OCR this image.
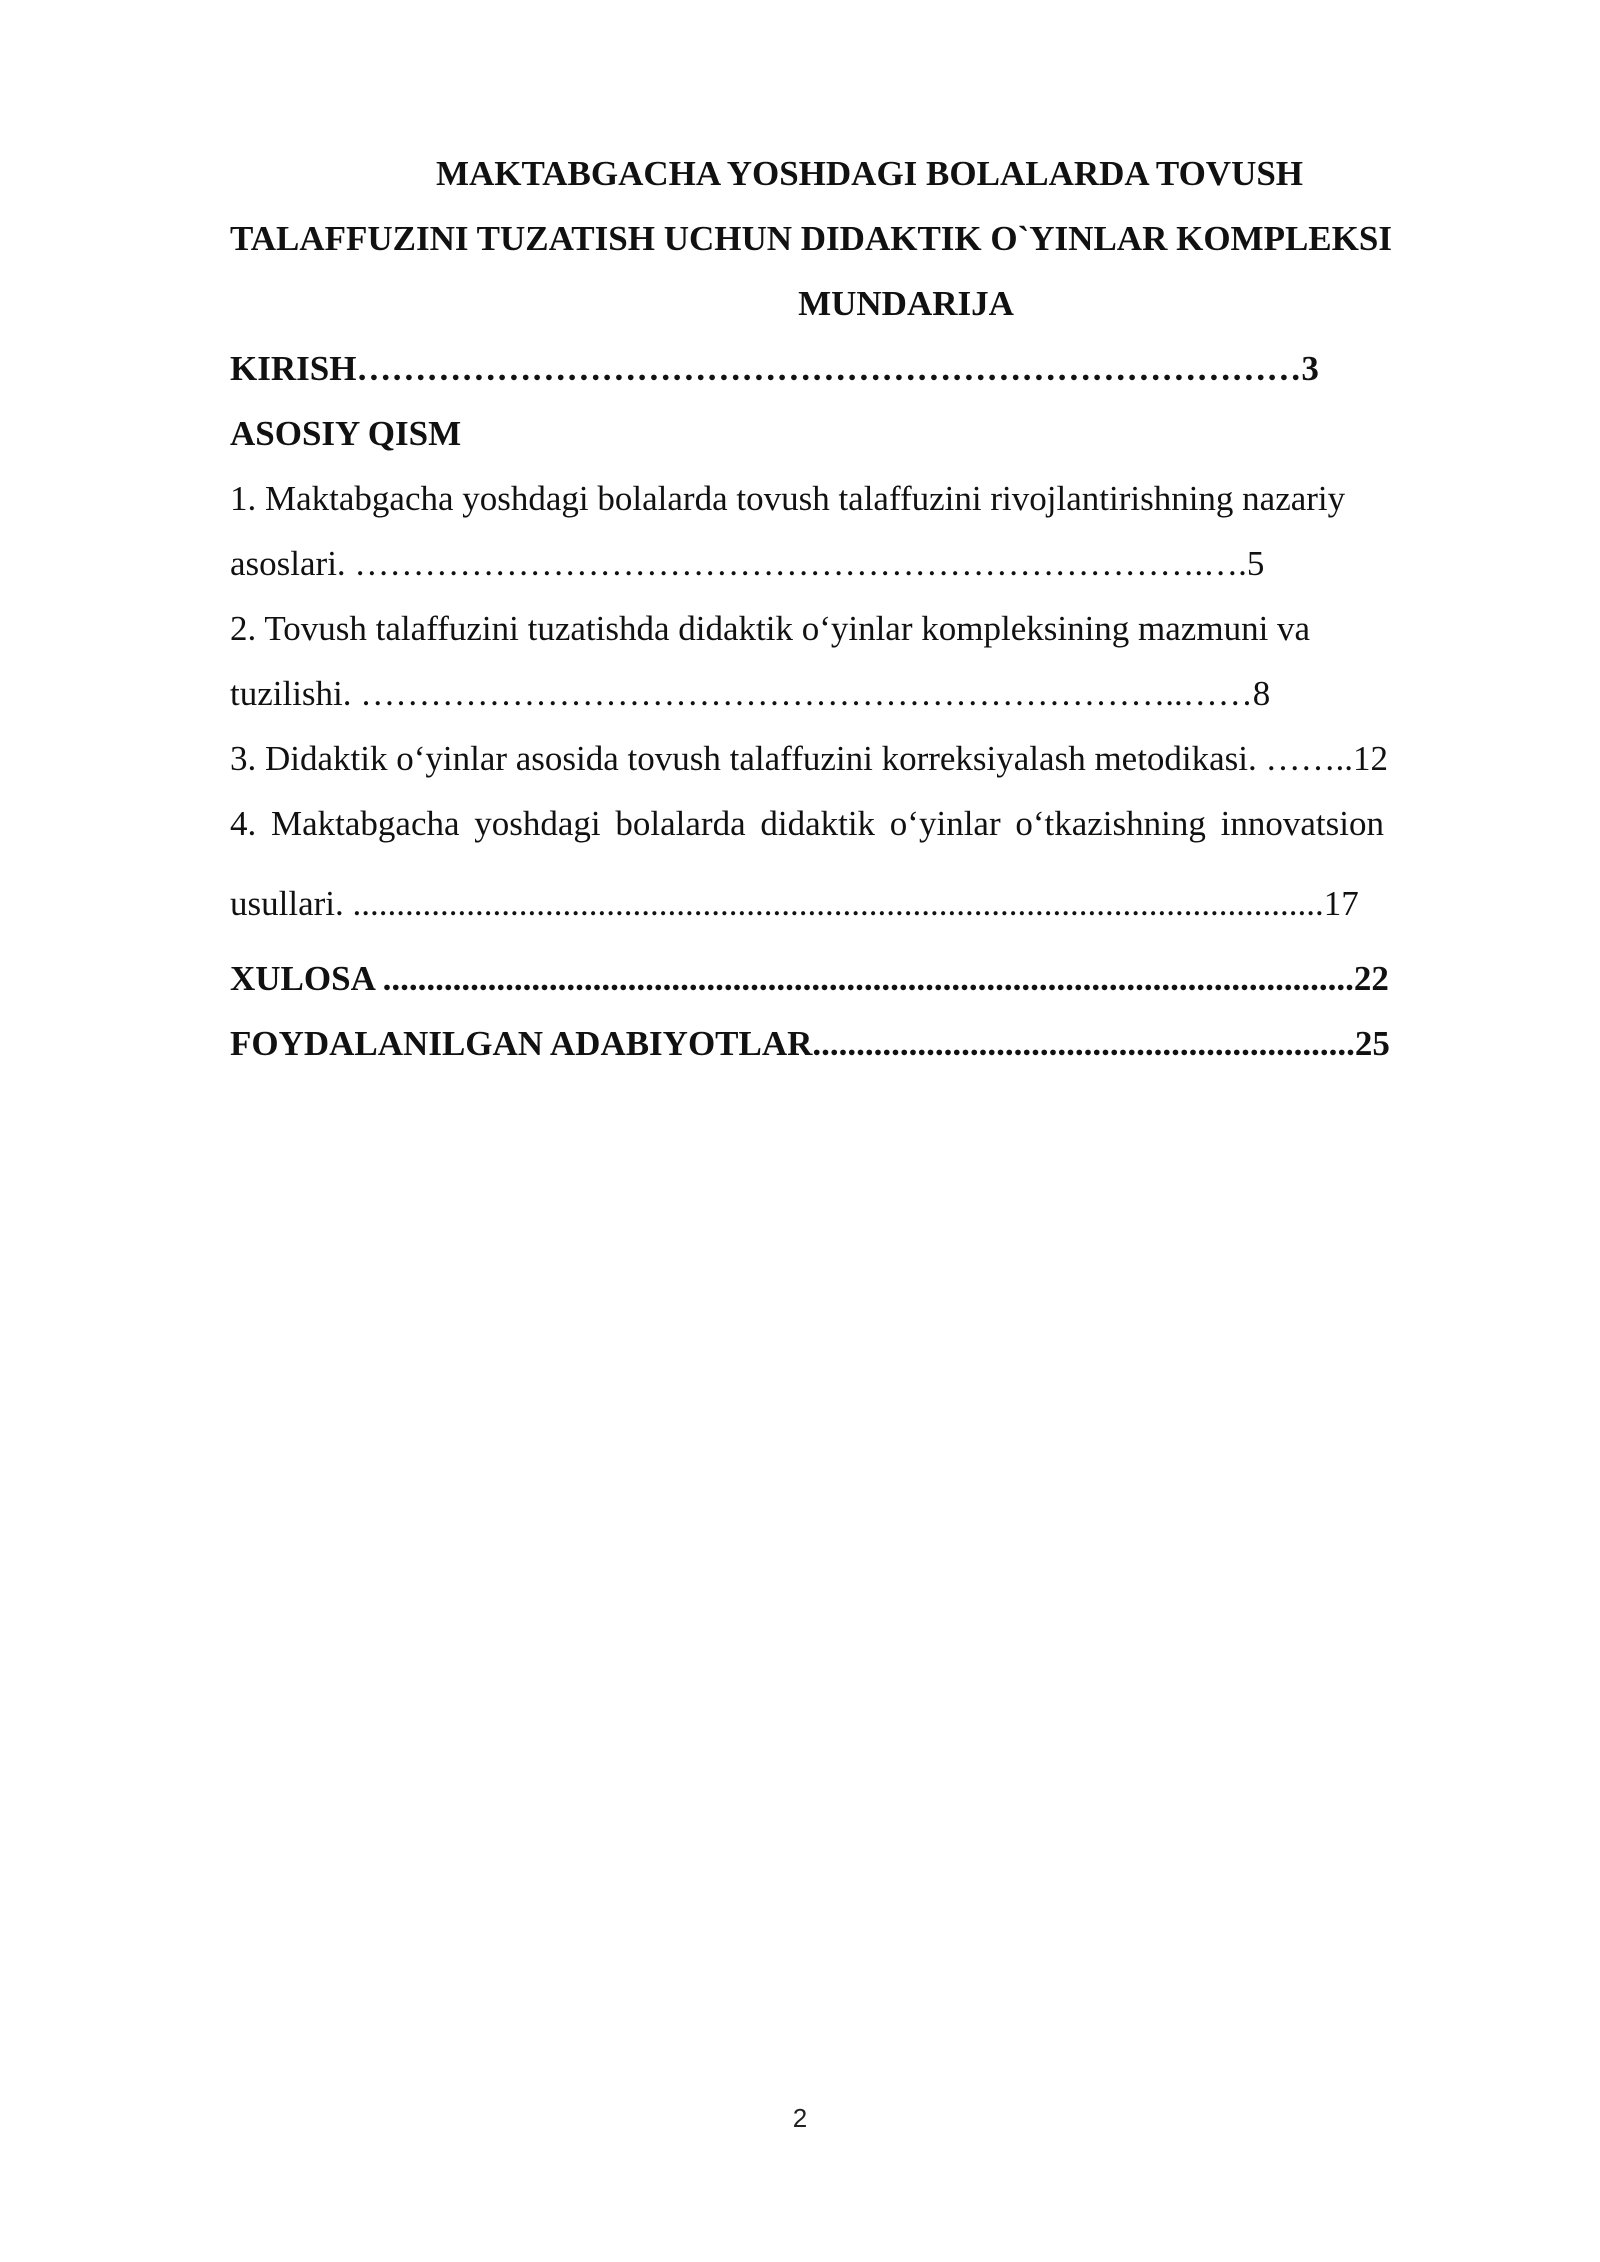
MAKTABGACHA YOSHDAGI BOLALARDA TOVUSH
TALAFFUZINI TUZATISH UCHUN DIDAKTIK O`YINLAR KOMPLEKSI
MUNDARIJA
KIRISH………………………………………………………………………3
ASOSIY QISM
1. Maktabgacha yoshdagi bolalarda tovush talaffuzini rivojlantirishning nazariy
asoslari. ……………………………………………………………….….5
2. Tovush talaffuzini tuzatishda didaktik o‘yinlar kompleksining mazmuni va
tuzilishi. ……………………………………………………………..……8
3. Didaktik o‘yinlar asosida tovush talaffuzini korreksiyalash metodikasi. ……..12
4. Maktabgacha yoshdagi bolalarda didaktik o‘yinlar o‘tkazishning innovatsion
usullari. ...............................................................................................................17
XULOSA ...............................................................................................................22
FOYDALANILGAN ADABIYOTLAR..............................................................25
2
